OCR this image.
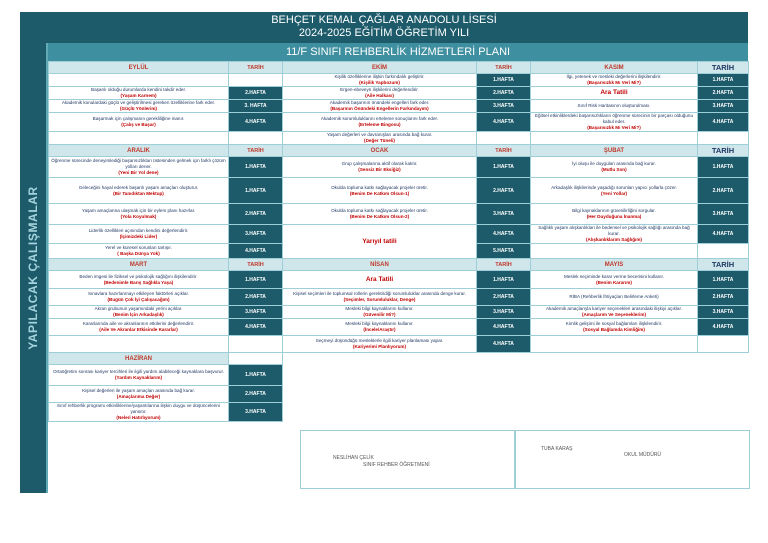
BEHÇET KEMAL ÇAĞLAR ANADOLU LİSESİ
2024-2025 EĞİTİM ÖĞRETİM YILI
YAPILACAK ÇALIŞMALAR
11/F SINIFI REHBERLİK HİZMETLERİ PLANI
EYLÜL	TARİH	EKİM	TARİH	KASIM	TARİH

		Kişilik özelliklerine ilişkin farkındalık geliştirir.
(Kişilik Yapbozum)	1.HAFTA	İlgi, yetenek ve mesleki değerlerini ilişkilendirir.
(Başarısızlık Mı Veri Mi?)	1.HAFTA

Başarılı olduğu durumlarda kendini takdir eder.
(Yaşam Karnem)	2.HAFTA	Ergen-ebeveyn ilişkilerini değerlendirir.
(Aile Halkası)	2.HAFTA	Ara Tatili	2.HAFTA

Akademik konulardaki güçlü ve geliştirilmesi gereken özelliklerine fark eder.
(Güçlü Yönlerim)	3. HAFTA	Akademik başarının önündeki engelleri fark eder.
(Başarının Önündeki Engellerin Farkındayım)	3.HAFTA	Sınıf Risk Haritasının oluşturulması.	3.HAFTA

Başarmak için çalışmanın gerekliliğine inanır.
(Çalış ve Başar)	4.HAFTA	Akademik sorumluluklarını erteleme sonuçlarını fark eder.
(Erteleme Bingosu)	4.HAFTA	Eğitsel etkinliklerdeki başarısızlıkların öğrenme sürecinin bir parçası olduğunu kabul eder.
(Başarısızlık Mı Veri Mi?)	4.HAFTA

		Yaşam değerleri ve davranışları arasında bağ kurar.
(Değer Tüneli)			

ARALIK	TARİH	OCAK	TARİH	ŞUBAT	TARİH

Öğrenme sürecinde deneyimlediği başarısızlıkları üstesinden gelmek için farklı çözüm yolları dener.
(Yeni Bir Yol dene)	1.HAFTA	Grup çalışmalarına aktif olarak katılır.
(Sensiz Bir Eksiğiz)	1.HAFTA	İyi oluşu ile duyguları arasında bağ kurar.
(Mutlu Son)	1.HAFTA

Geleceğini hayal ederek başarılı yaşam amaçları oluşturur.
(Bir Tanıdıktan Mektup)	1.HAFTA	Okulda topluma katkı sağlayacak projeler üretir.
(Benim De Katkım Olsun-1)	2.HAFTA	Arkadaşlık ilişkilerinde yaşadığı sorunları yapıcı yollarla çözer.
(Yeni Yollar)	2.HAFTA

Yaşam amaçlarına ulaşmak için bir eylem planı hazırlar.
(Yola Koyulmak)	2.HAFTA	Okulda topluma katkı sağlayacak projeler üretir.
(Benim De Katkım Olsun-2)	3.HAFTA	Bilgi kaynaklarının güvenilirliğini sorgular.
(Her Duyduğuna İnanma)	3.HAFTA

Liderlik özellikleri açısından kendini değerlendirir.
(İçimizdeki Lider)	3.HAFTA	Yarıyıl tatili	4.HAFTA	Sağlıklı yaşam alışkanlıkları ile bedensel ve psikolojik sağlığı arasında bağ kurar.
(Alışkanlıklarım Sağlığım)	4.HAFTA

Yerel ve küresel sorunları tartışır.
( Başka Dünya Yok)	4.HAFTA		5.HAFTA		
MART	TARİH	NİSAN	TARİH	MAYIS	TARİH

Beden imgesi ile fiziksel ve psikolojik sağlığını ilişkilendirir.
(Bedenimle Barış Sağlıkla Yaşa)	1.HAFTA	Ara Tatili	1.HAFTA	Meslek seçiminde karar verme becerisini kullanır.
(Benim Kararım)	1.HAFTA

Sınavlara hazırlanmayı etkileyen faktörleri açıklar.
(Bugün Çok İyi Çalışacağım)	2.HAFTA	Kişisel seçimleri ile toplumsal rollerin gerektirdiği sorumluluklar arasında denge kurar.
(Seçimler, Sorumluluklar, Denge)	2.HAFTA	RİBA (Rehberlik İhtiyaçları Belirleme Anketi)	2.HAFTA

Akran grubunun yaşamındaki yerini açıklar.
(Benim İçin Arkadaşlık)	3.HAFTA	Mesleki bilgi kaynaklarını kullanır.
(Güvenilir Mi?)	3.HAFTA	Akademik amaçlarıyla kariyer seçenekleri arasındaki ilişkiyi açıklar.
(Amaçlarım Ve Seçeneklerim)	3.HAFTA

Kararlarında aile ve akranlarının etkilerini değerlendirir.
(Aile Ve Akranlar Etkisinde Kararlar)	4.HAFTA	Mesleki bilgi kaynaklarını kullanır.
(İncele/Araştır)	4.HAFTA	Kimlik gelişimi ile sosyal bağlamları ilişkilendirir.
(Sosyal Bağlamda Kimliğim)	4.HAFTA

		Seçmeyi düşündüğü mesleklerle ilgili kariyer planlaması yapar.
(Kariyerimi Planlıyorum)	4.HAFTA		
HAZİRAN					

Ortaöğretim sonrası kariyer tercihleri ile ilgili yardım alabileceği kaynaklara başvurur.
(Yardım Kaynaklarım)	1.HAFTA				

Kişisel değerleri ile yaşam amaçları arasında bağ kurar.
(Amaçlarıma Değer)	2.HAFTA				

Sınıf rehberlik programı etkinliklerine/yaşantılarına ilişkin duygu ve düşüncelerini yansıtır.
(Neleri Hatırlıyorum)	3.HAFTA				
NESLİHAN ÇELİK
SINIF REHBER ÖĞRETMENİ
TUBA KARAŞ
OKUL MÜDÜRÜ
